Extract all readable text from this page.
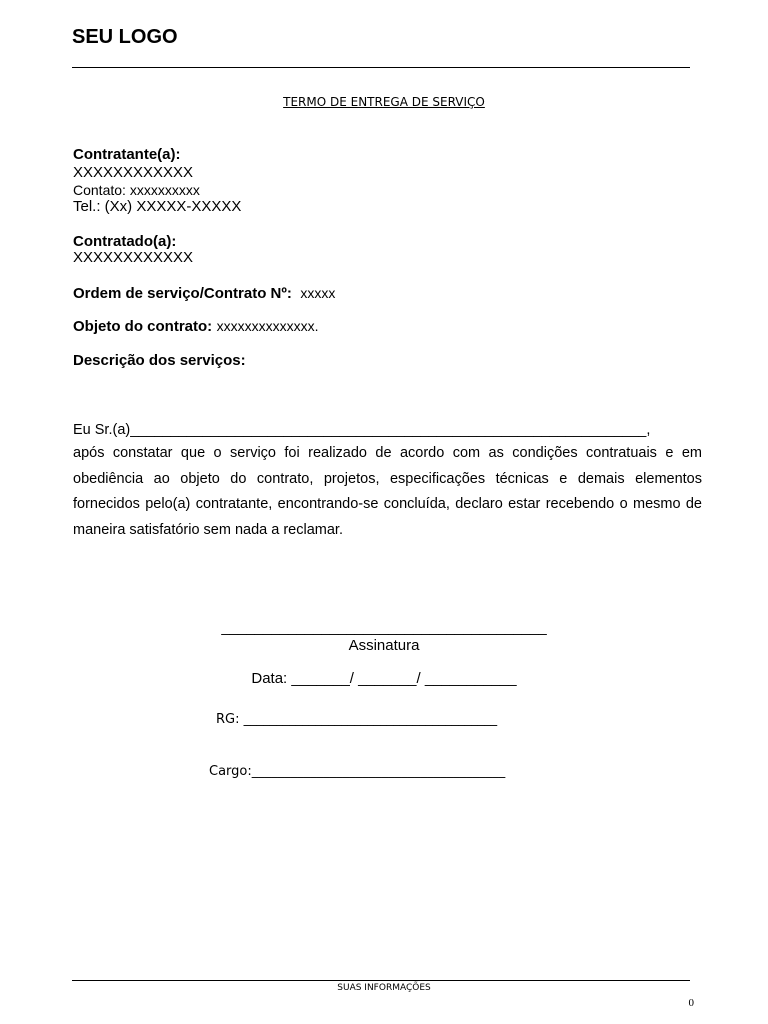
SEU LOGO
TERMO DE ENTREGA DE SERVIÇO
Contratante(a):
XXXXXXXXXXXX
Contato: xxxxxxxxxx
Tel.: (Xx) XXXXX-XXXXX
Contratado(a):
XXXXXXXXXXXX
Ordem de serviço/Contrato Nº: xxxxx
Objeto do contrato: xxxxxxxxxxxxxx.
Descrição dos serviços:
Eu Sr.(a)________________________________________________________________,
após constatar que o serviço foi realizado de acordo com as condições contratuais e em obediência ao objeto do contrato, projetos, especificações técnicas e demais elementos fornecidos pelo(a) contratante, encontrando-se concluída, declaro estar recebendo o mesmo de maneira satisfatório sem nada a reclamar.
_______________________________________
Assinatura
Data: _______/ _______/ ___________
RG: _______________________________________
Cargo:_______________________________________
SUAS INFORMAÇÕES
0
